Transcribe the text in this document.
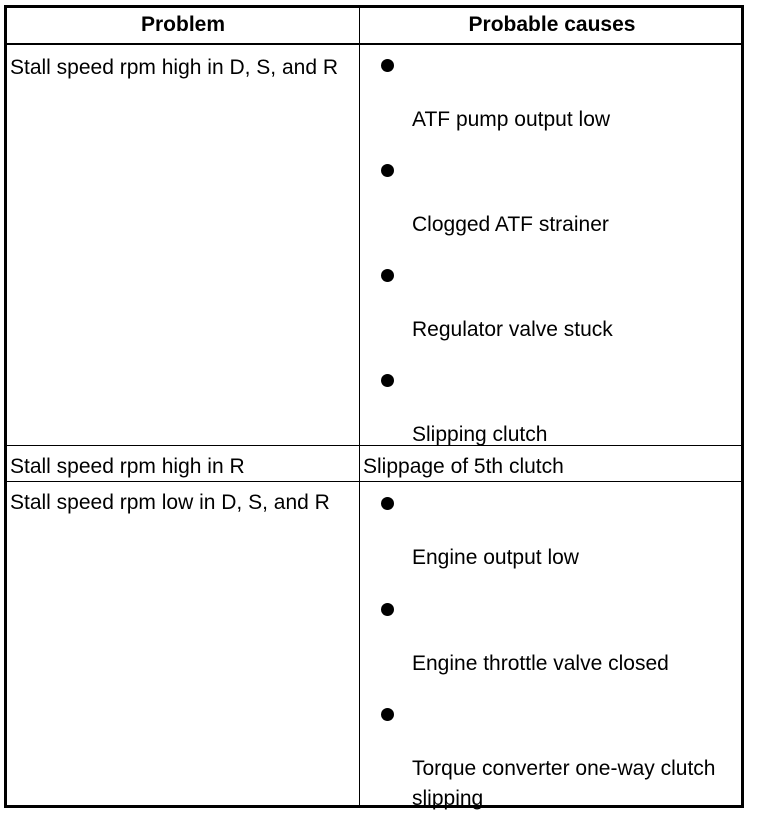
Problem	Probable causes
Stall speed rpm high in D, S, and R
ATF pump output low
Clogged ATF strainer
Regulator valve stuck
Slipping clutch
Stall speed rpm high in R	Slippage of 5th clutch
Stall speed rpm low in D, S, and R
Engine output low
Engine throttle valve closed
Torque converter one-way clutch slipping
